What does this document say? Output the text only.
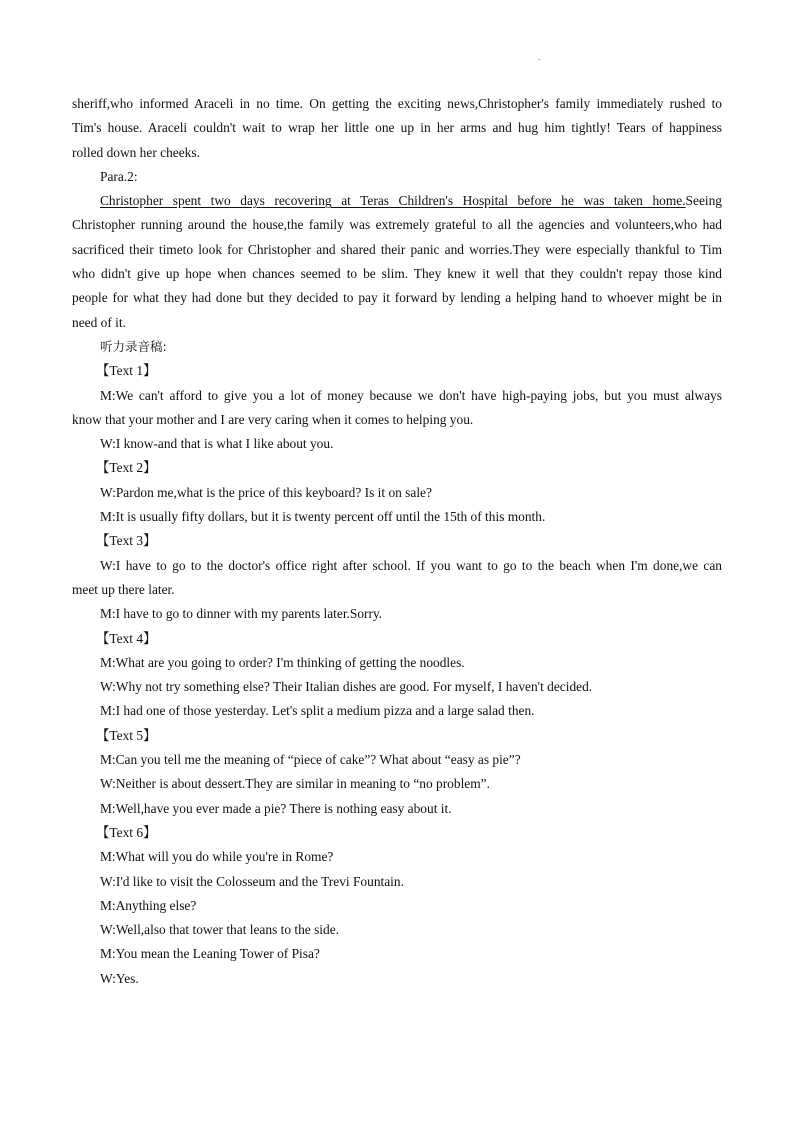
.

sheriff,who informed Araceli in no time. On getting the exciting news,Christopher's family immediately rushed to

Tim's house. Araceli couldn't wait to wrap her little one up in her arms and hug him tightly! Tears of happiness

rolled down her cheeks.

Para.2:

Christopher spent two days recovering at Teras Children's Hospital before he was taken home.Seeing

Christopher running around the house,the family was extremely grateful to all the agencies and volunteers,who had

sacrificed their timeto look for Christopher and shared their panic and worries.They were especially thankful to Tim

who didn't give up hope when chances seemed to be slim. They knew it well that they couldn't repay those kind

people for what they had done but they decided to pay it forward by lending a helping hand to whoever might be in

need of it.

听力录音稿:

【Text 1】

M:We can't afford to give you a lot of money because we don't have high-paying jobs, but you must always

know that your mother and I are very caring when it comes to helping you.

W:I know-and that is what I like about you.

【Text 2】

W:Pardon me,what is the price of this keyboard? Is it on sale?

M:It is usually fifty dollars, but it is twenty percent off until the 15th of this month.

【Text 3】

W:I have to go to the doctor's office right after school. If you want to go to the beach when I'm done,we can

meet up there later.

M:I have to go to dinner with my parents later.Sorry.

【Text 4】

M:What are you going to order? I'm thinking of getting the noodles.

W:Why not try something else? Their Italian dishes are good. For myself, I haven't decided.

M:I had one of those yesterday. Let's split a medium pizza and a large salad then.

【Text 5】

M:Can you tell me the meaning of “piece of cake”? What about “easy as pie”?

W:Neither is about dessert.They are similar in meaning to “no problem”.

M:Well,have you ever made a pie? There is nothing easy about it.

【Text 6】

M:What will you do while you're in Rome?

W:I'd like to visit the Colosseum and the Trevi Fountain.

M:Anything else?

W:Well,also that tower that leans to the side.

M:You mean the Leaning Tower of Pisa?

W:Yes.
